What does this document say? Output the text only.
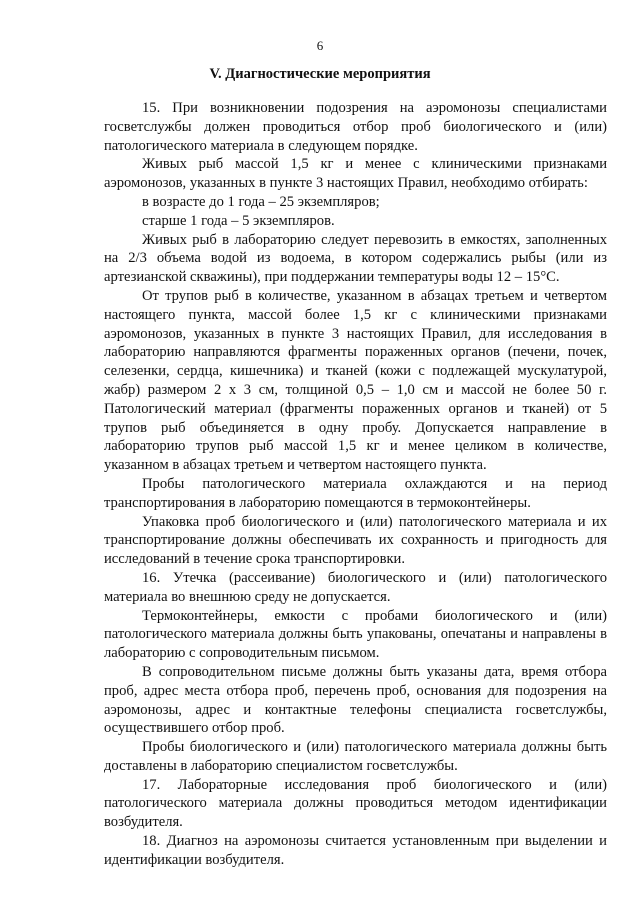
6
V. Диагностические мероприятия

15. При возникновении подозрения на аэромонозы специалистами госветслужбы должен проводиться отбор проб биологического и (или) патологического материала в следующем порядке.

Живых рыб массой 1,5 кг и менее с клиническими признаками аэромонозов, указанных в пункте 3 настоящих Правил, необходимо отбирать:

в возрасте до 1 года – 25 экземпляров;

старше 1 года – 5 экземпляров.

Живых рыб в лабораторию следует перевозить в емкостях, заполненных на 2/3 объема водой из водоема, в котором содержались рыбы (или из артезианской скважины), при поддержании температуры воды 12 – 15°С.

От трупов рыб в количестве, указанном в абзацах третьем и четвертом настоящего пункта, массой более 1,5 кг с клиническими признаками аэромонозов, указанных в пункте 3 настоящих Правил, для исследования в лабораторию направляются фрагменты пораженных органов (печени, почек, селезенки, сердца, кишечника) и тканей (кожи с подлежащей мускулатурой, жабр) размером 2 х 3 см, толщиной 0,5 – 1,0 см и массой не более 50 г. Патологический материал (фрагменты пораженных органов и тканей) от 5 трупов рыб объединяется в одну пробу. Допускается направление в лабораторию трупов рыб массой 1,5 кг и менее целиком в количестве, указанном в абзацах третьем и четвертом настоящего пункта.

Пробы патологического материала охлаждаются и на период транспортирования в лабораторию помещаются в термоконтейнеры.

Упаковка проб биологического и (или) патологического материала и их транспортирование должны обеспечивать их сохранность и пригодность для исследований в течение срока транспортировки.

16. Утечка (рассеивание) биологического и (или) патологического материала во внешнюю среду не допускается.

Термоконтейнеры, емкости с пробами биологического и (или) патологического материала должны быть упакованы, опечатаны и направлены в лабораторию с сопроводительным письмом.

В сопроводительном письме должны быть указаны дата, время отбора проб, адрес места отбора проб, перечень проб, основания для подозрения на аэромонозы, адрес и контактные телефоны специалиста госветслужбы, осуществившего отбор проб.

Пробы биологического и (или) патологического материала должны быть доставлены в лабораторию специалистом госветслужбы.

17. Лабораторные исследования проб биологического и (или) патологического материала должны проводиться методом идентификации возбудителя.

18. Диагноз на аэромонозы считается установленным при выделении и идентификации возбудителя.
